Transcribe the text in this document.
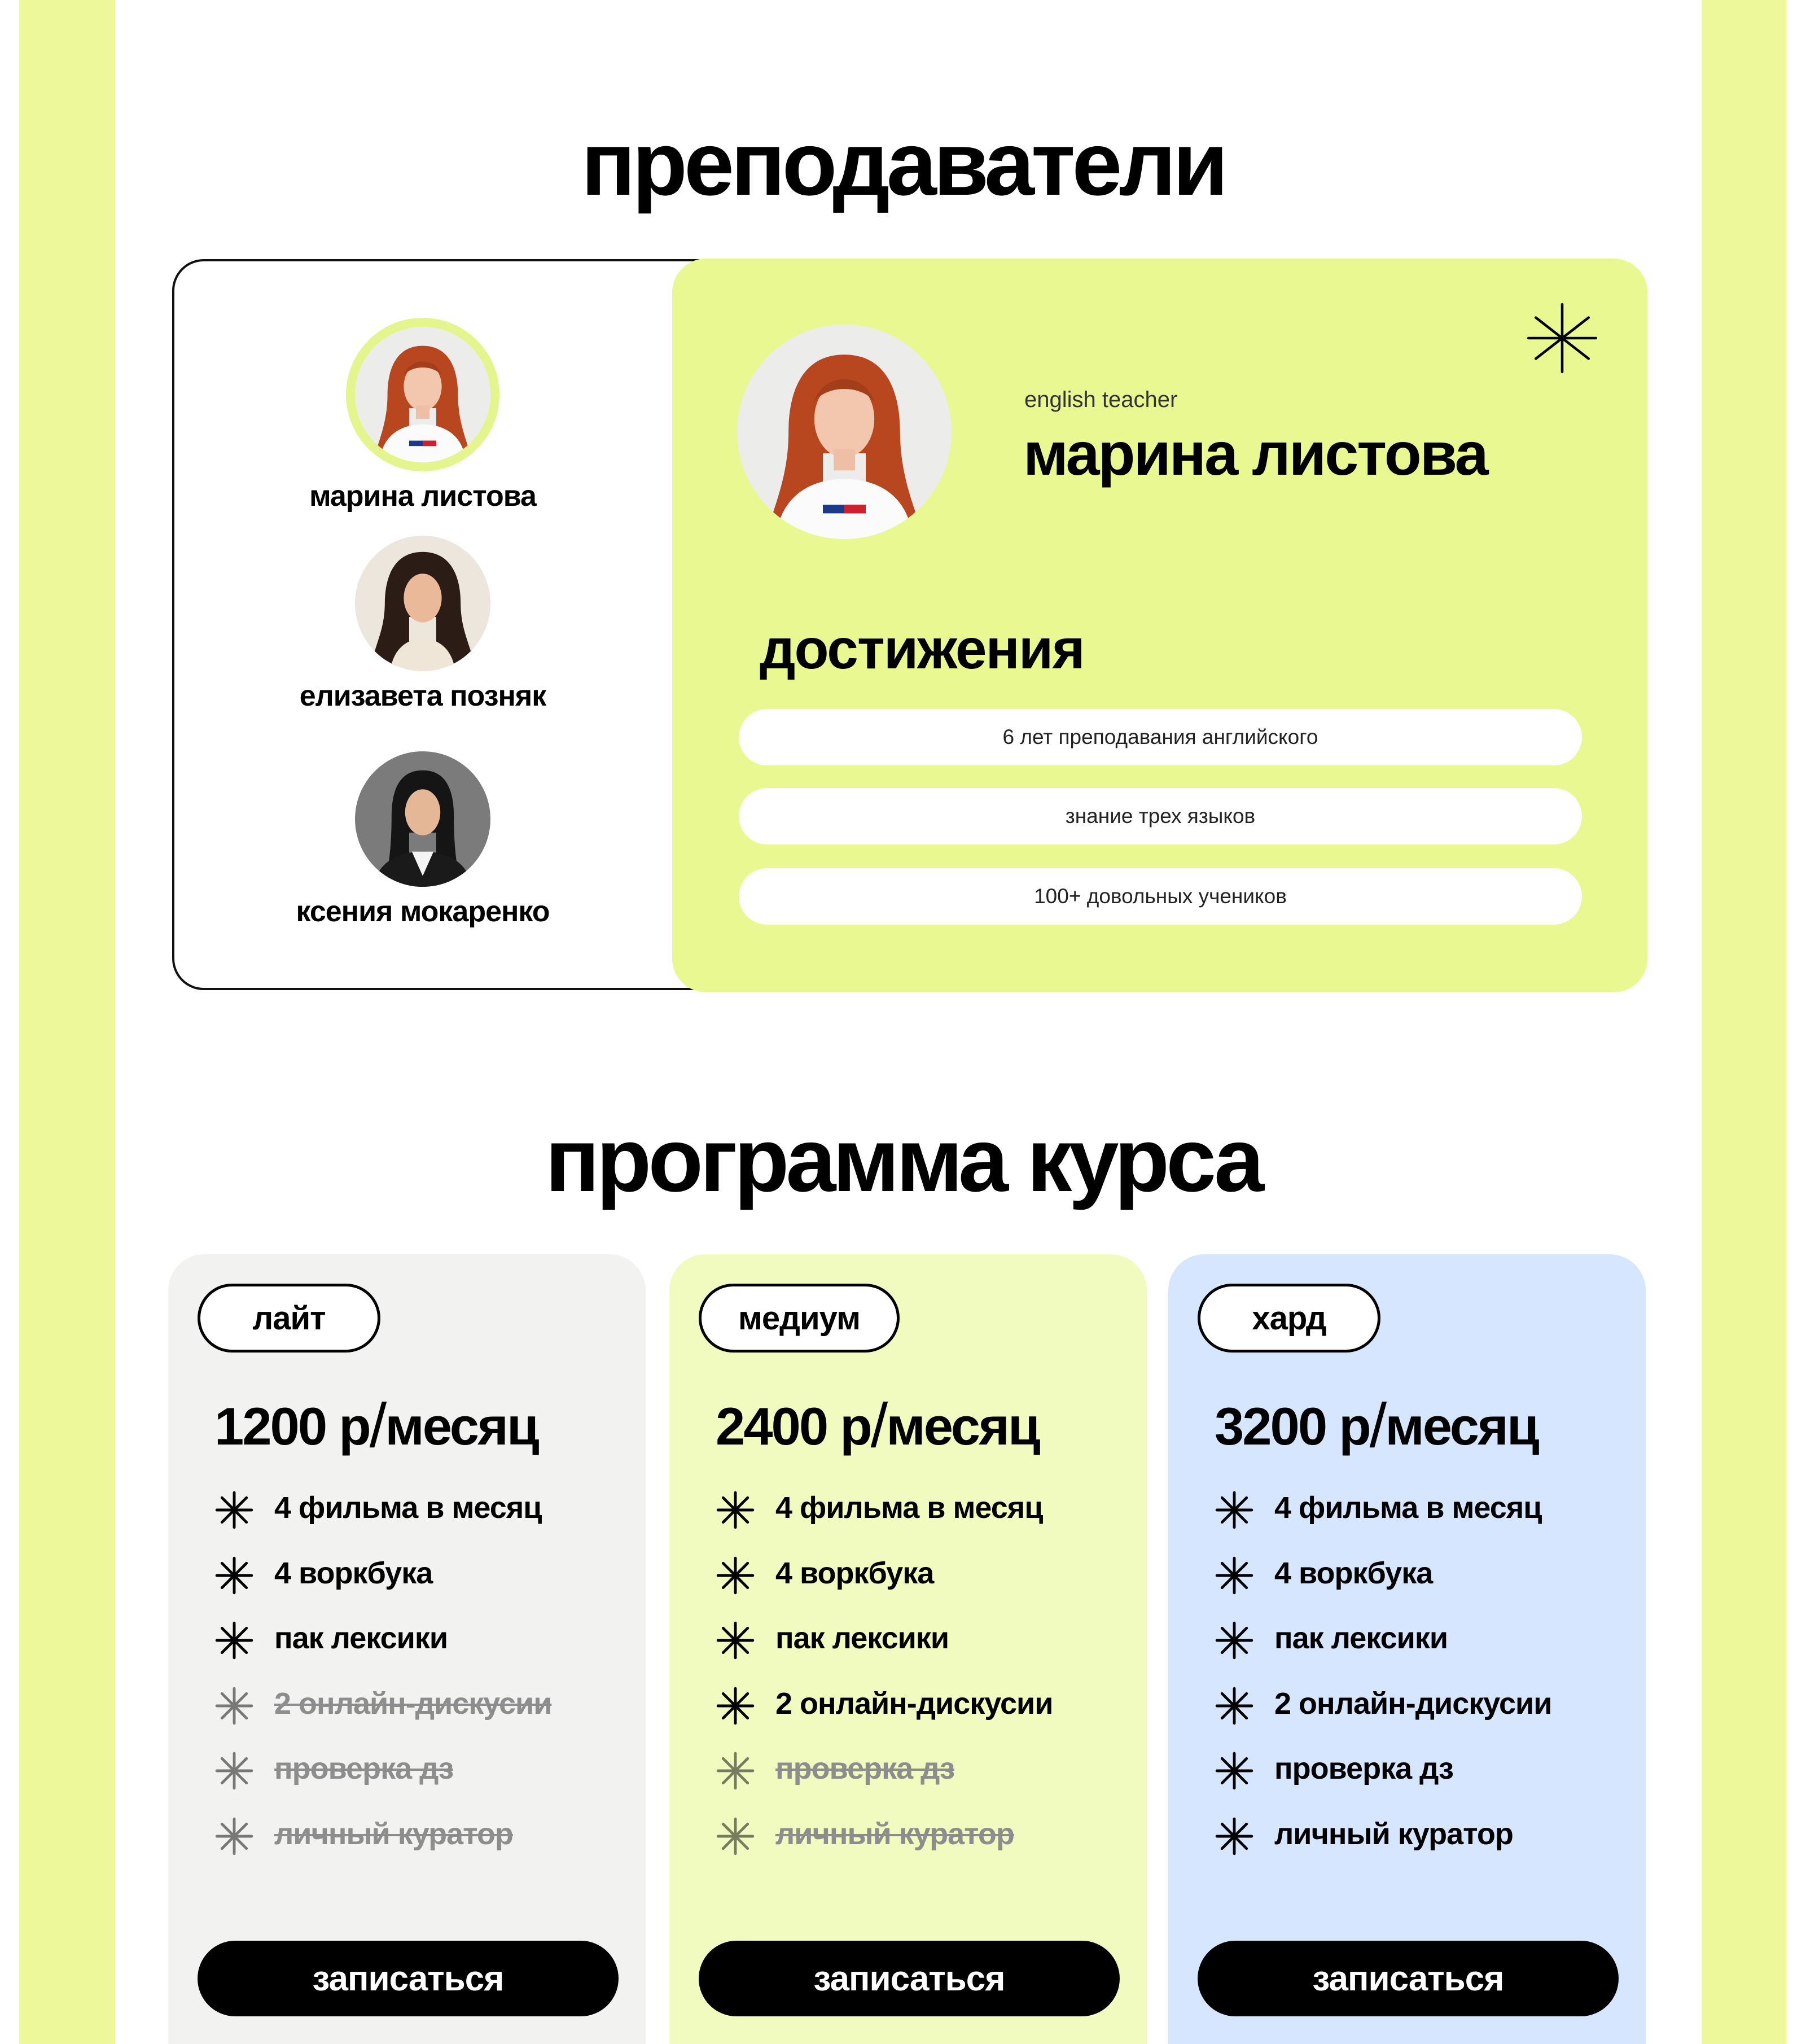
преподаватели
марина листова
елизавета позняк
ксения мокаренко
english teacher
марина листова
достижения
6 лет преподавания английского
знание трех языков
100+ довольных учеников
программа курса
лайт
1200 р/месяц
4 фильма в месяц
4 воркбука
пак лексики
2 онлайн-дискусии
проверка дз
личный куратор
записаться
медиум
2400 р/месяц
4 фильма в месяц
4 воркбука
пак лексики
2 онлайн-дискусии
проверка дз
личный куратор
записаться
хард
3200 р/месяц
4 фильма в месяц
4 воркбука
пак лексики
2 онлайн-дискусии
проверка дз
личный куратор
записаться
